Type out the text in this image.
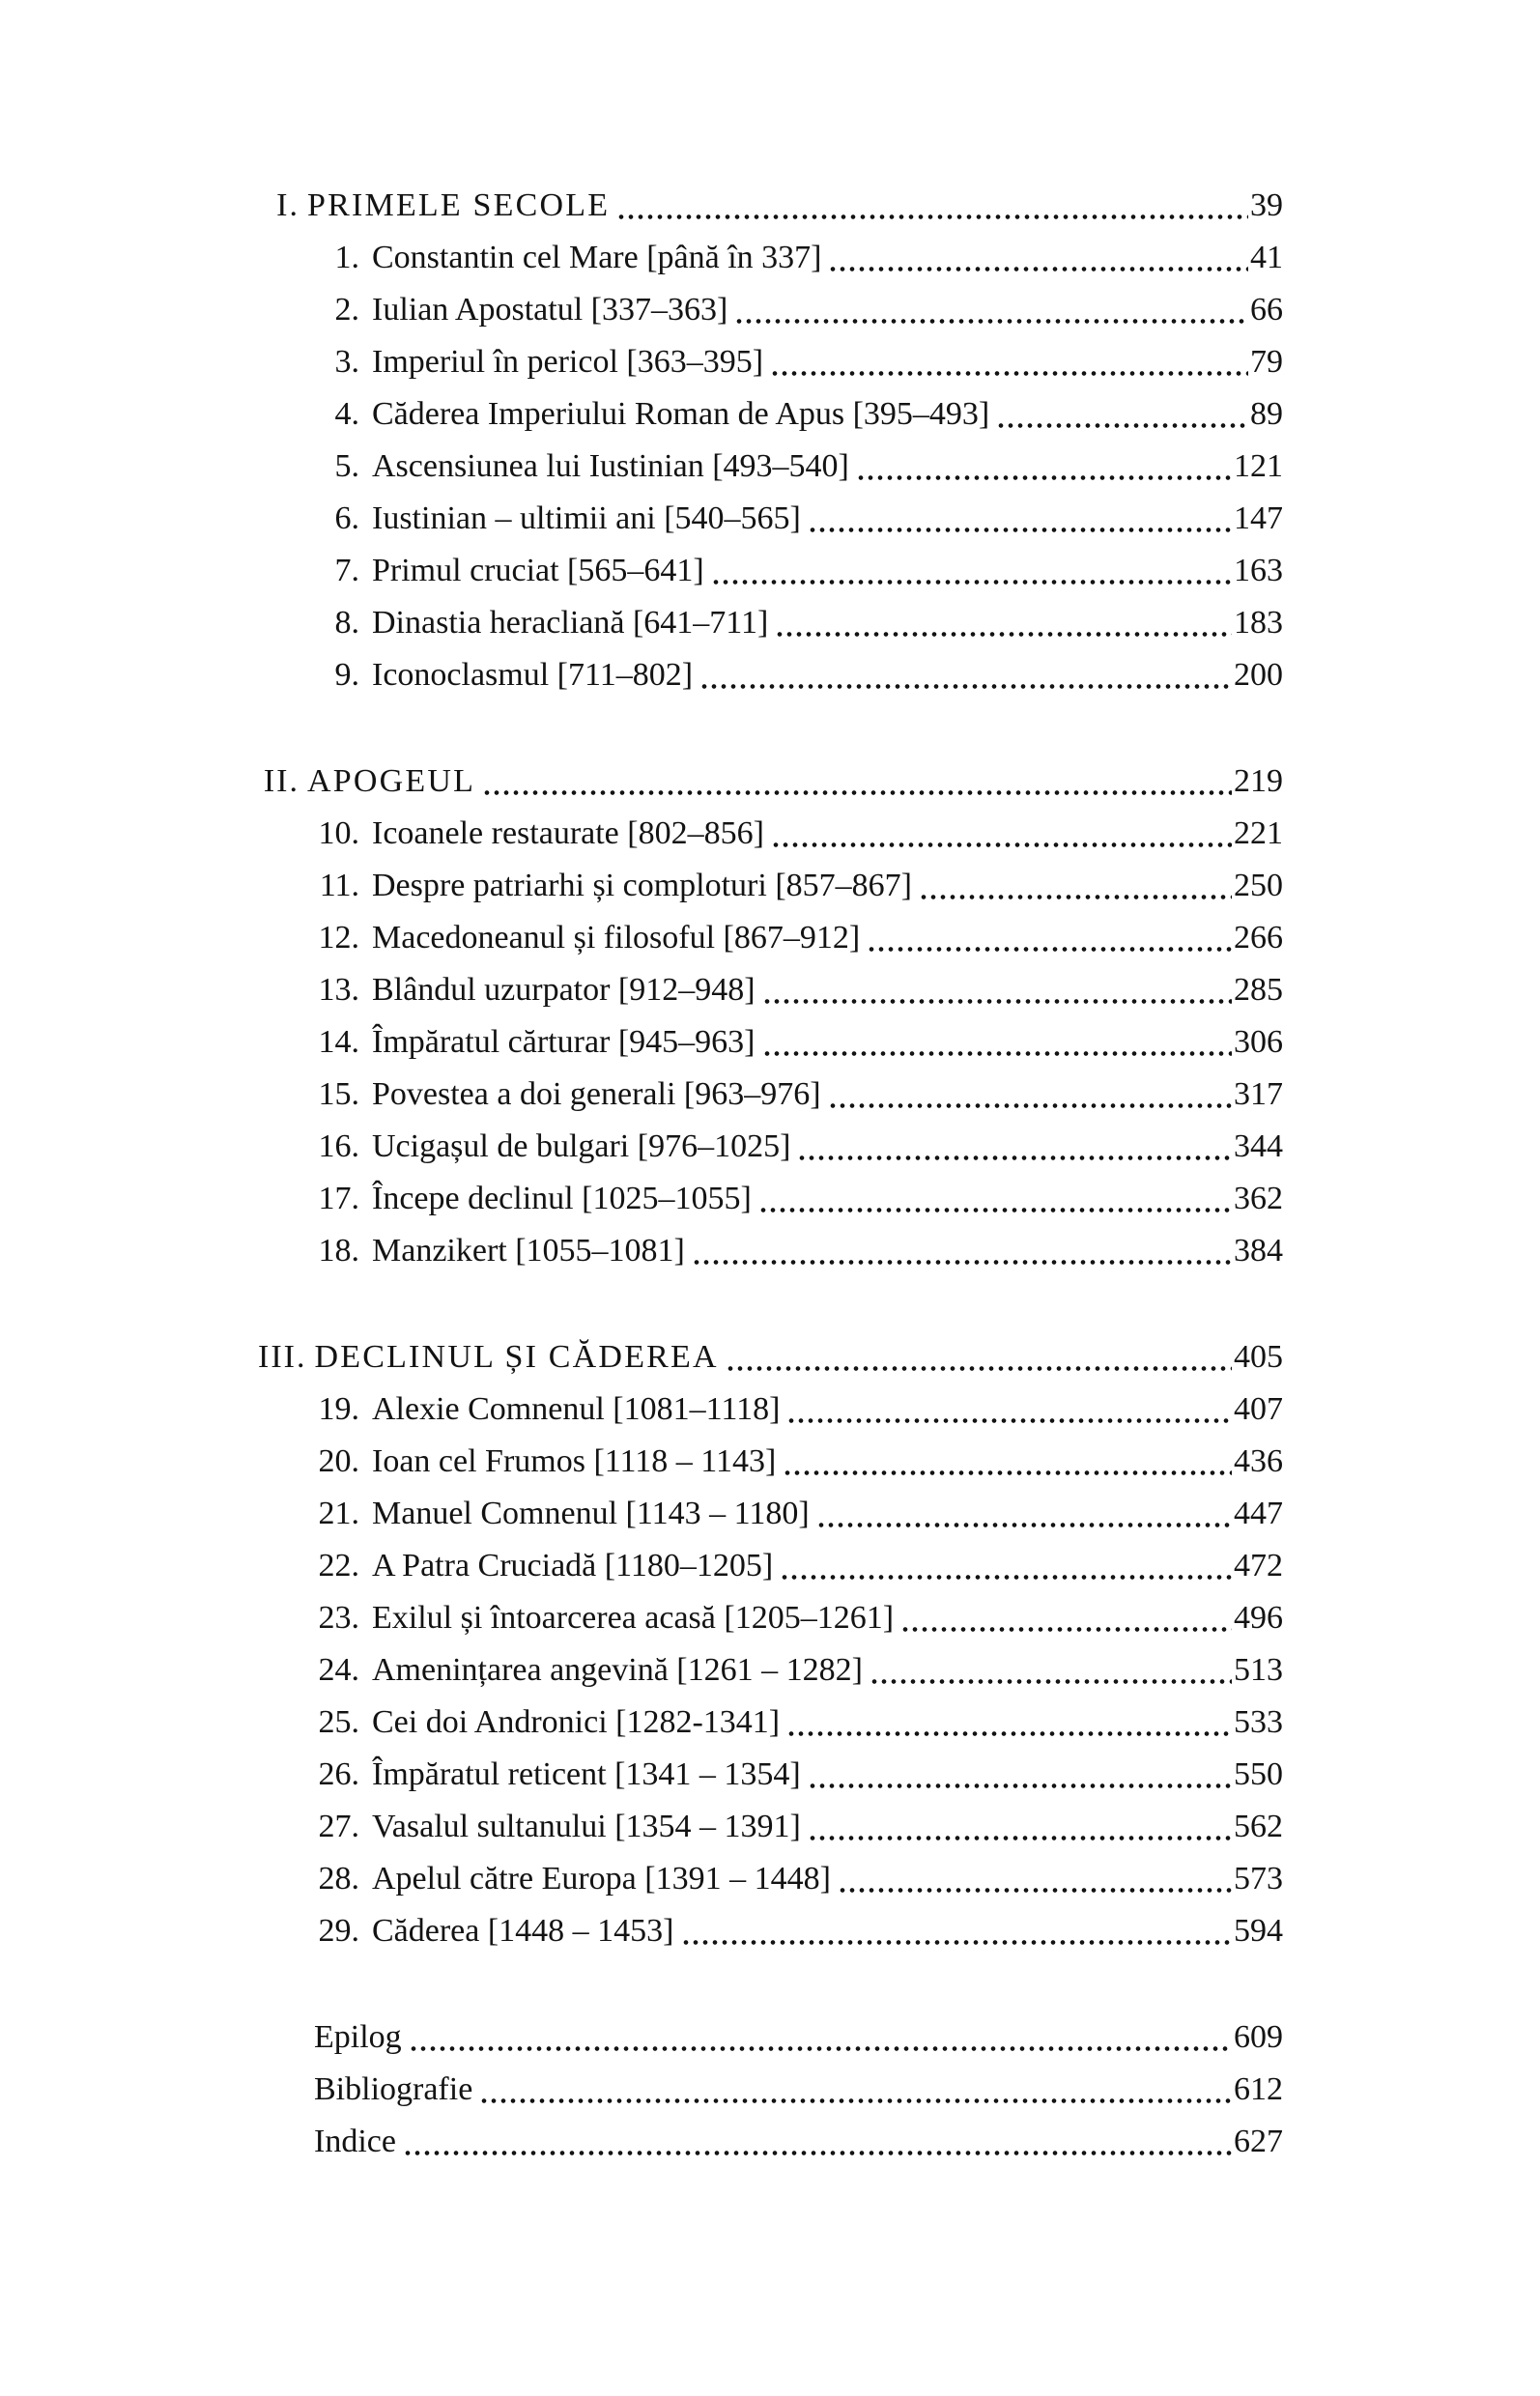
I. PRIMELE SECOLE	39
1. Constantin cel Mare [până în 337]	41
2. Iulian Apostatul [337–363]	66
3. Imperiul în pericol [363–395]	79
4. Căderea Imperiului Roman de Apus [395–493]	89
5. Ascensiunea lui Iustinian [493–540]	121
6. Iustinian – ultimii ani [540–565]	147
7. Primul cruciat [565–641]	163
8. Dinastia heracliană [641–711]	183
9. Iconoclasmul [711–802]	200
II. APOGEUL	219
10. Icoanele restaurate [802–856]	221
11. Despre patriarhi și comploturi [857–867]	250
12. Macedoneanul și filosoful [867–912]	266
13. Blândul uzurpator [912–948]	285
14. Împăratul cărturar [945–963]	306
15. Povestea a doi generali [963–976]	317
16. Ucigașul de bulgari [976–1025]	344
17. Începe declinul [1025–1055]	362
18. Manzikert [1055–1081]	384
III. DECLINUL ȘI CĂDEREA	405
19. Alexie Comnenul [1081–1118]	407
20. Ioan cel Frumos [1118 – 1143]	436
21. Manuel Comnenul [1143 – 1180]	447
22. A Patra Cruciadă [1180–1205]	472
23. Exilul și întoarcerea acasă [1205–1261]	496
24. Amenințarea angevină [1261 – 1282]	513
25. Cei doi Andronici [1282-1341]	533
26. Împăratul reticent [1341 – 1354]	550
27. Vasalul sultanului [1354 – 1391]	562
28. Apelul către Europa [1391 – 1448]	573
29. Căderea [1448 – 1453]	594
Epilog	609
Bibliografie	612
Indice	627
